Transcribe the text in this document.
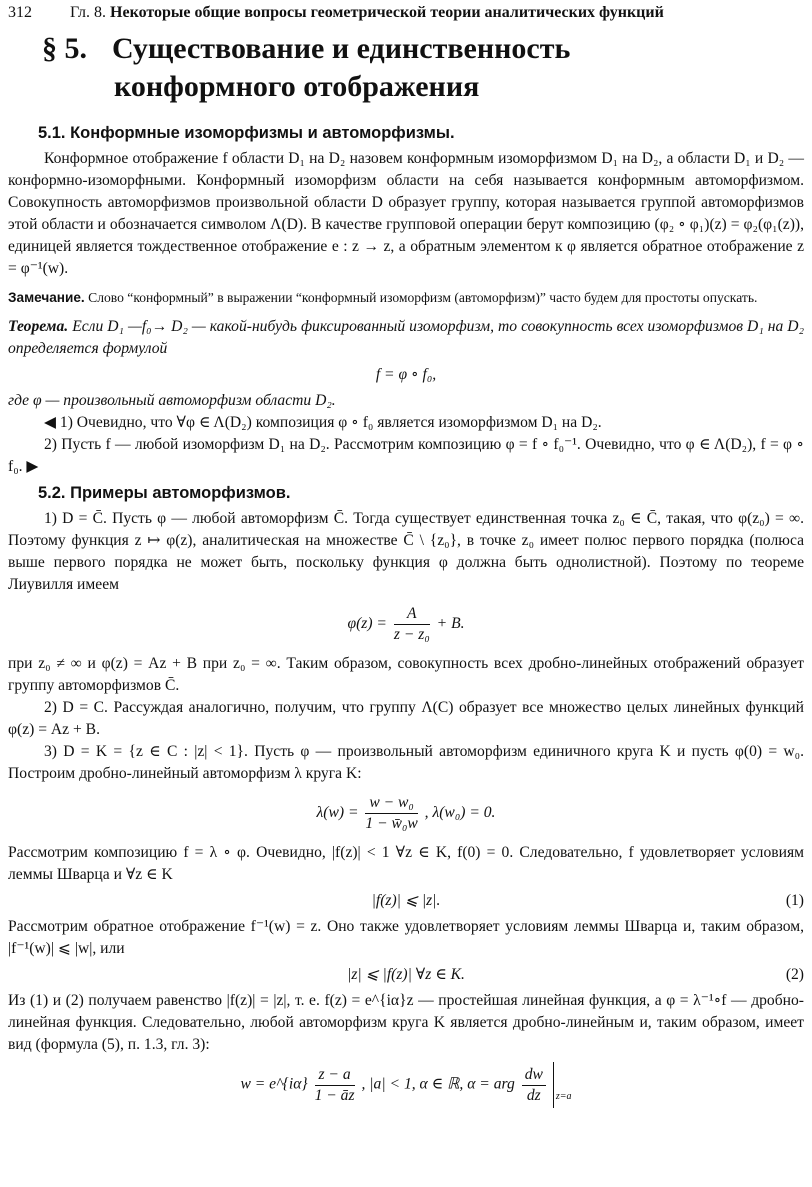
312 Гл. 8. Некоторые общие вопросы геометрической теории аналитических функций
§ 5. Существование и единственность
конформного отображения

5.1. Конформные изоморфизмы и автоморфизмы.

Конформное отображение f области D₁ на D₂ назовем конформным изоморфизмом D₁ на D₂, а области D₁ и D₂ — конформно-изоморфными. Конформный изоморфизм области на себя называется конформным автоморфизмом. Совокупность автоморфизмов произвольной области D образует группу, которая называется группой автоморфизмов этой области и обозначается символом Λ(D). В качестве групповой операции берут композицию (φ₂ ∘ φ₁)(z) = φ₂(φ₁(z)), единицей является тождественное отображение e : z → z, а обратным элементом к φ является обратное отображение z = φ⁻¹(w).

Замечание. Слово “конформный” в выражении “конформный изоморфизм (автоморфизм)” часто будем для простоты опускать.

Теорема. Если D₁ —f₀→ D₂ — какой-нибудь фиксированный изоморфизм, то совокупность всех изоморфизмов D₁ на D₂ определяется формулой

f = φ ∘ f₀,

где φ — произвольный автоморфизм области D₂.

◀ 1) Очевидно, что ∀φ ∈ Λ(D₂) композиция φ ∘ f₀ является изоморфизмом D₁ на D₂.

2) Пусть f — любой изоморфизм D₁ на D₂. Рассмотрим композицию φ = f ∘ f₀⁻¹. Очевидно, что φ ∈ Λ(D₂), f = φ ∘ f₀. ▶

5.2. Примеры автоморфизмов.

1) D = C̄. Пусть φ — любой автоморфизм C̄. Тогда существует единственная точка z₀ ∈ C̄, такая, что φ(z₀) = ∞. Поэтому функция z ↦ φ(z), аналитическая на множестве C̄ \ {z₀}, в точке z₀ имеет полюс первого порядка (полюса выше первого порядка не может быть, поскольку функция φ должна быть однолистной). Поэтому по теореме Лиувилля имеем

$\varphi(z) = \frac{A}{\text{z − z₀}} + B$.

при z₀ ≠ ∞ и φ(z) = Az + B при z₀ = ∞. Таким образом, совокупность всех дробно-линейных отображений образует группу автоморфизмов C̄.

2) D = C. Рассуждая аналогично, получим, что группу Λ(C) образует все множество целых линейных функций φ(z) = Az + B.

3) D = K = {z ∈ C : |z| < 1}. Пусть φ — произвольный автоморфизм единичного круга K и пусть φ(0) = w₀. Построим дробно-линейный автоморфизм λ круга K:

$\lambda(w) = \frac{\text{w − w₀}}{\text{1 − w̄₀w}}$ , λ(w₀) = 0.

Рассмотрим композицию f = λ ∘ φ. Очевидно, |f(z)| < 1 ∀z ∈ K, f(0) = 0. Следовательно, f удовлетворяет условиям леммы Шварца и ∀z ∈ K

|f(z)| ⩽ |z|.	(1)

Рассмотрим обратное отображение f⁻¹(w) = z. Оно также удовлетворяет условиям леммы Шварца и, таким образом, |f⁻¹(w)| ⩽ |w|, или

|z| ⩽ |f(z)| ∀z ∈ K.	(2)

Из (1) и (2) получаем равенство |f(z)| = |z|, т. е. f(z) = e^{iα}z — простейшая линейная функция, а φ = λ⁻¹∘f — дробно-линейная функция. Следовательно, любой автоморфизм круга K является дробно-линейным и, таким образом, имеет вид (формула (5), п. 1.3, гл. 3):

w = e^{iα} $\frac{z - a}{1 - āz}$ , |a| < 1, α ∈ ℝ, α = arg $\frac{dw}{dz} z=a$
